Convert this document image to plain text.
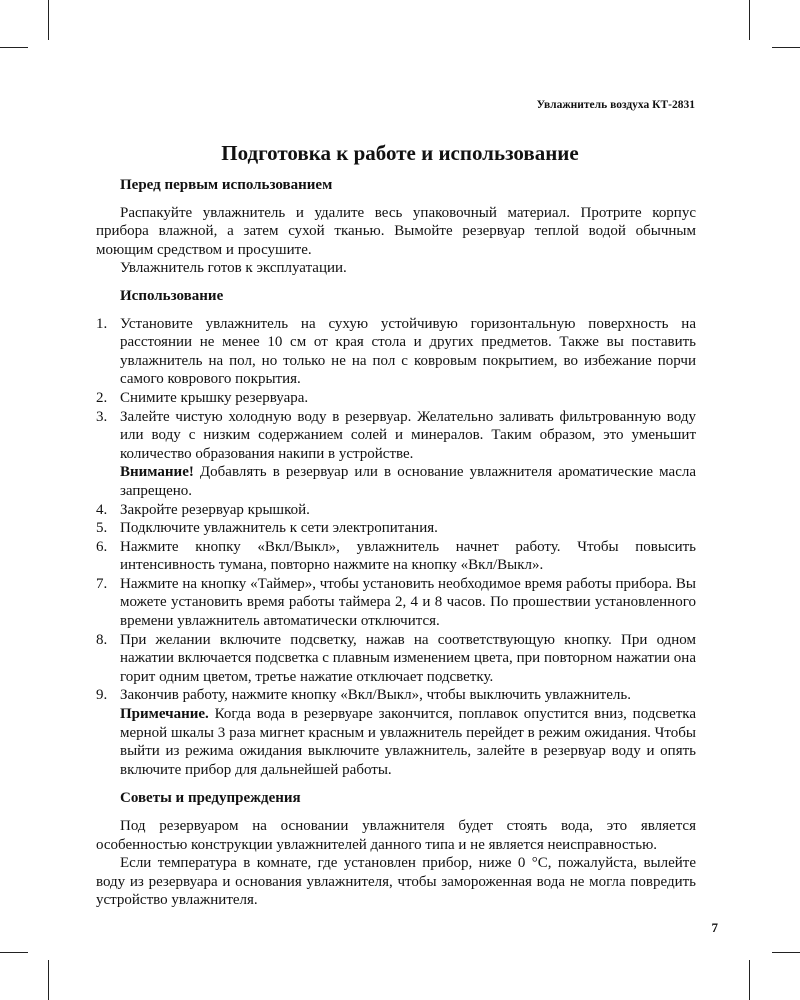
Увлажнитель воздуха КТ-2831
Подготовка к работе и использование
Перед первым использованием

Распакуйте увлажнитель и удалите весь упаковочный материал. Протрите корпус прибора влажной, а затем сухой тканью. Вымойте резервуар теплой водой обычным моющим средством и просушите.

Увлажнитель готов к эксплуатации.

Использование
1. Установите увлажнитель на сухую устойчивую горизонтальную поверхность на расстоянии не менее 10 см от края стола и других предметов. Также вы поставить увлажнитель на пол, но только не на пол с ковровым покрытием, во избежание порчи самого коврового покрытия.
2. Снимите крышку резервуара.
3. Залейте чистую холодную воду в резервуар. Желательно заливать фильтрованную воду или воду с низким содержанием солей и минералов. Таким образом, это уменьшит количество образования накипи в устройстве.
Внимание! Добавлять в резервуар или в основание увлажнителя ароматические масла запрещено.
4. Закройте резервуар крышкой.
5. Подключите увлажнитель к сети электропитания.
6. Нажмите кнопку «Вкл/Выкл», увлажнитель начнет работу. Чтобы повысить интенсивность тумана, повторно нажмите на кнопку «Вкл/Выкл».
7. Нажмите на кнопку «Таймер», чтобы установить необходимое время работы прибора. Вы можете установить время работы таймера 2, 4 и 8 часов. По прошествии установленного времени увлажнитель автоматически отключится.
8. При желании включите подсветку, нажав на соответствующую кнопку. При одном нажатии включается подсветка с плавным изменением цвета, при повторном нажатии она горит одним цветом, третье нажатие отключает подсветку.
9. Закончив работу, нажмите кнопку «Вкл/Выкл», чтобы выключить увлажнитель.
Примечание. Когда вода в резервуаре закончится, поплавок опустится вниз, подсветка мерной шкалы 3 раза мигнет красным и увлажнитель перейдет в режим ожидания. Чтобы выйти из режима ожидания выключите увлажнитель, залейте в резервуар воду и опять включите прибор для дальнейшей работы.
Советы и предупреждения

Под резервуаром на основании увлажнителя будет стоять вода, это является особенностью конструкции увлажнителей данного типа и не является неисправностью.

Если температура в комнате, где установлен прибор, ниже 0 °С, пожалуйста, вылейте воду из резервуара и основания увлажнителя, чтобы замороженная вода не могла повредить устройство увлажнителя.

7
